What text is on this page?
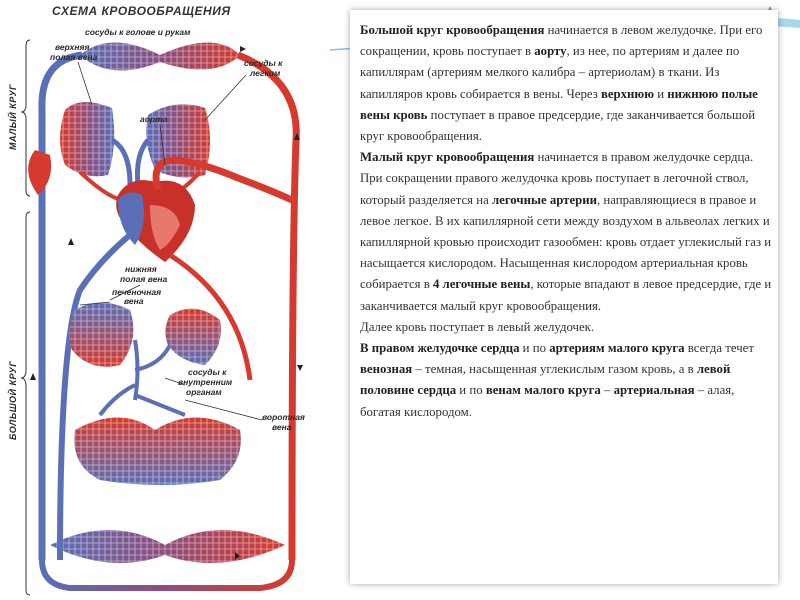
СХЕМА КРОВООБРАЩЕНИЯ
сосуды к голове и рукам
верхняя
полая вена
сосуды к
легким
аорта
нижняя
полая вена
печеночная
вена
сосуды к
внутренним
органам
воротная
вена
МАЛЫЙ КРУГ
БОЛЬШОЙ КРУГ

Большой круг кровообращения начинается в левом желудочке. При его сокращении, кровь поступает в аорту, из нее, по артериям и далее по капиллярам (артериям мелкого калибра – артериолам) в ткани. Из капилляров кровь собирается в вены. Через верхнюю и нижнюю полые вены кровь поступает в правое предсердие, где заканчивается большой круг кровообращения.

Малый круг кровообращения начинается в правом желудочке сердца. При сокращении правого желудочка кровь поступает в легочной ствол, который разделяется на легочные артерии, направляющиеся в правое и левое легкое. В их капиллярной сети между воздухом в альвеолах легких и капиллярной кровью происходит газообмен: кровь отдает углекислый газ и насыщается кислородом. Насыщенная кислородом артериальная кровь собирается в 4 легочные вены, которые впадают в левое предсердие, где и заканчивается малый круг кровообращения.

Далее кровь поступает в левый желудочек.

В правом желудочке сердца и по артериям малого круга всегда течет венозная – темная, насыщенная углекислым газом кровь, а в левой половине сердца и по венам малого круга – артериальная – алая, богатая кислородом.
